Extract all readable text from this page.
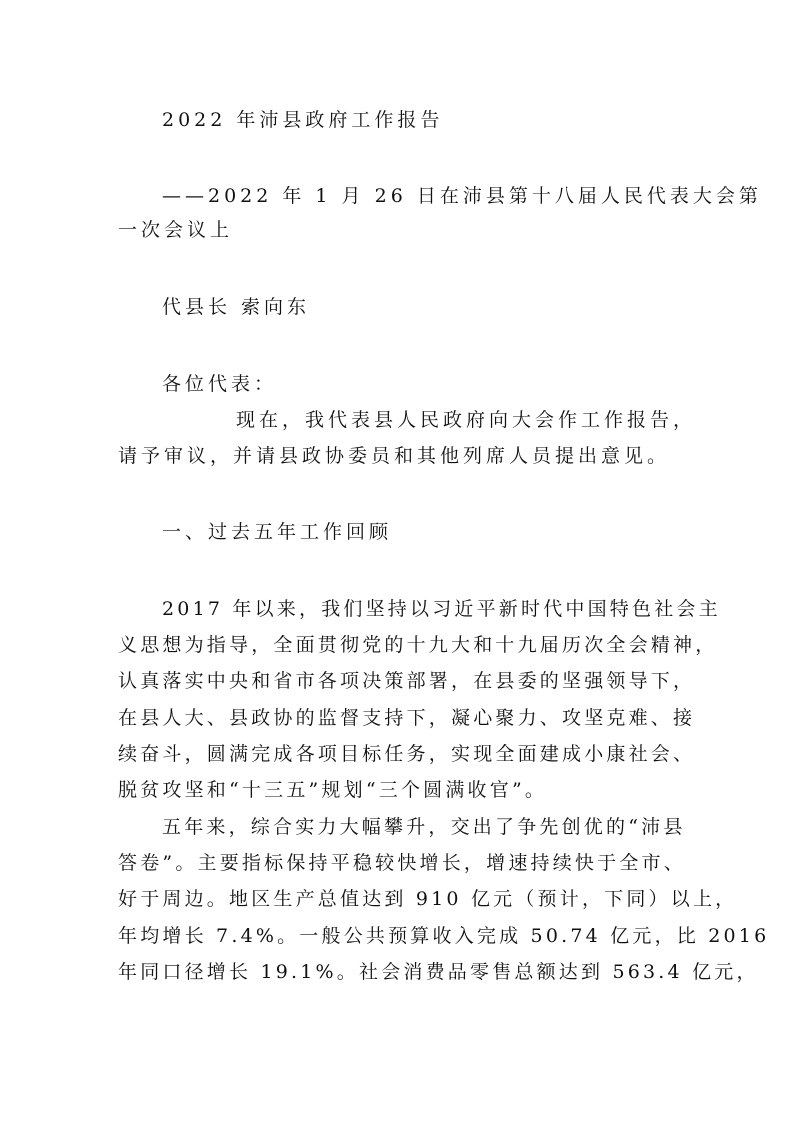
2022 年沛县政府工作报告
——2022 年 1 月 26 日在沛县第十八届人民代表大会第
一次会议上
代县长 索向东
各位代表：
现在，我代表县人民政府向大会作工作报告，
请予审议，并请县政协委员和其他列席人员提出意见。
一、过去五年工作回顾
2017 年以来，我们坚持以习近平新时代中国特色社会主
义思想为指导，全面贯彻党的十九大和十九届历次全会精神，
认真落实中央和省市各项决策部署，在县委的坚强领导下，
在县人大、县政协的监督支持下，凝心聚力、攻坚克难、接
续奋斗，圆满完成各项目标任务，实现全面建成小康社会、
脱贫攻坚和“十三五”规划“三个圆满收官”。
五年来，综合实力大幅攀升，交出了争先创优的“沛县
答卷”。主要指标保持平稳较快增长，增速持续快于全市、
好于周边。地区生产总值达到 910 亿元（预计，下同）以上，
年均增长 7.4%。一般公共预算收入完成 50.74 亿元，比 2016
年同口径增长 19.1%。社会消费品零售总额达到 563.4 亿元，
